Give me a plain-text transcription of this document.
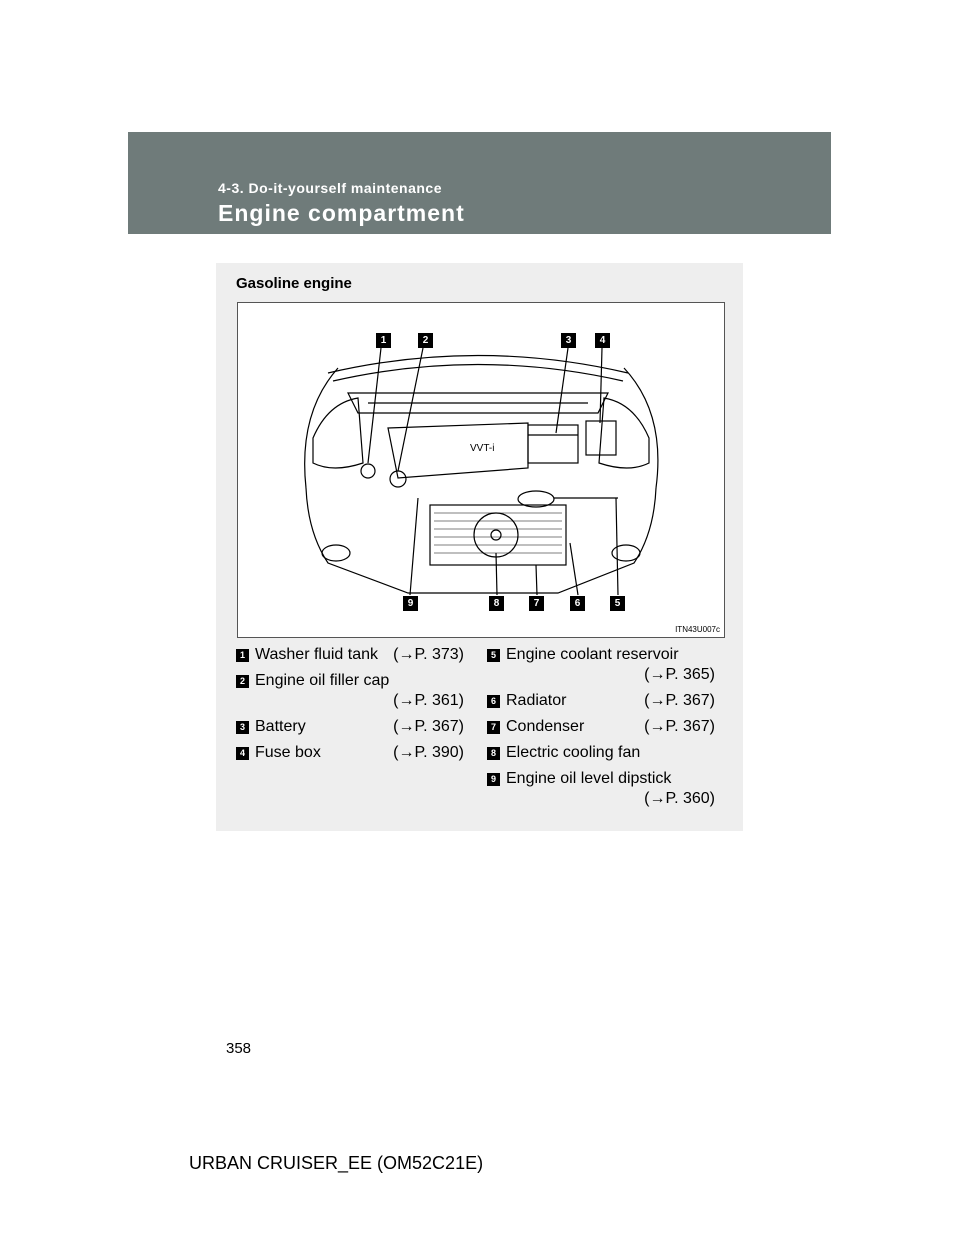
4-3. Do-it-yourself maintenance
Engine compartment
Gasoline engine
VVT-i
1	2	3	4
9	8	7	6	5
ITN43U007c
1 Washer fluid tank (→P. 373)
2 Engine oil filler cap
(→P. 361)
3 Battery	(→P. 367)
4 Fuse box	(→P. 390)
5 Engine coolant reservoir
(→P. 365)
6 Radiator	(→P. 367)
7 Condenser	(→P. 367)
8 Electric cooling fan
9 Engine oil level dipstick
(→P. 360)
358
URBAN CRUISER_EE (OM52C21E)
